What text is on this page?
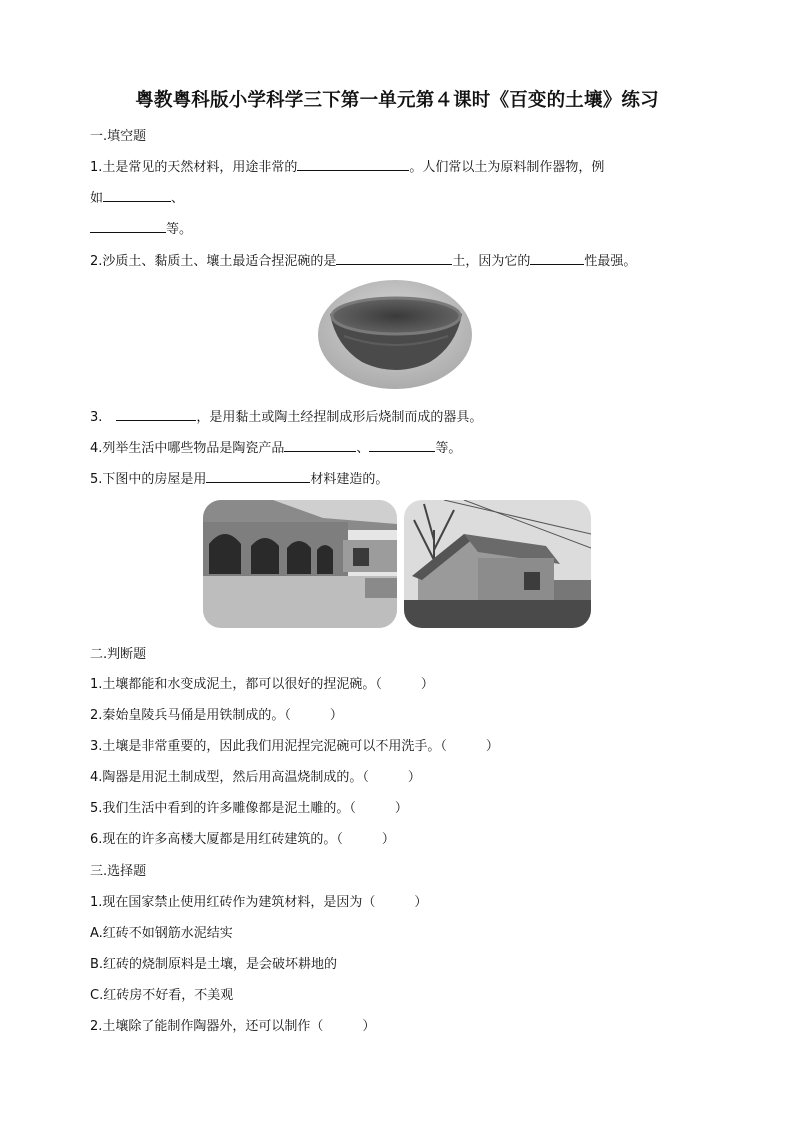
粤教粤科版小学科学三下第一单元第４课时《百变的土壤》练习
一.填空题
1.土是常见的天然材料，用途非常的	。人们常以土为原料制作器物，例
如	、
等。
2.沙质土、黏质土、壤土最适合捏泥碗的是	土，因为它的	性最强。
3.	，是用黏土或陶土经捏制成形后烧制而成的器具。
4.列举生活中哪些物品是陶瓷产品	、	等。
5.下图中的房屋是用	材料建造的。
二.判断题
1.土壤都能和水变成泥土，都可以很好的捏泥碗。（　　　）
2.秦始皇陵兵马俑是用铁制成的。（　　　）
3.土壤是非常重要的，因此我们用泥捏完泥碗可以不用洗手。（　　　）
4.陶器是用泥土制成型，然后用高温烧制成的。（　　　）
5.我们生活中看到的许多雕像都是泥土雕的。（　　　）
6.现在的许多高楼大厦都是用红砖建筑的。（　　　）
三.选择题
1.现在国家禁止使用红砖作为建筑材料，是因为（　　　）
A.红砖不如钢筋水泥结实
B.红砖的烧制原料是土壤，是会破坏耕地的
C.红砖房不好看，不美观
2.土壤除了能制作陶器外，还可以制作（　　　）
